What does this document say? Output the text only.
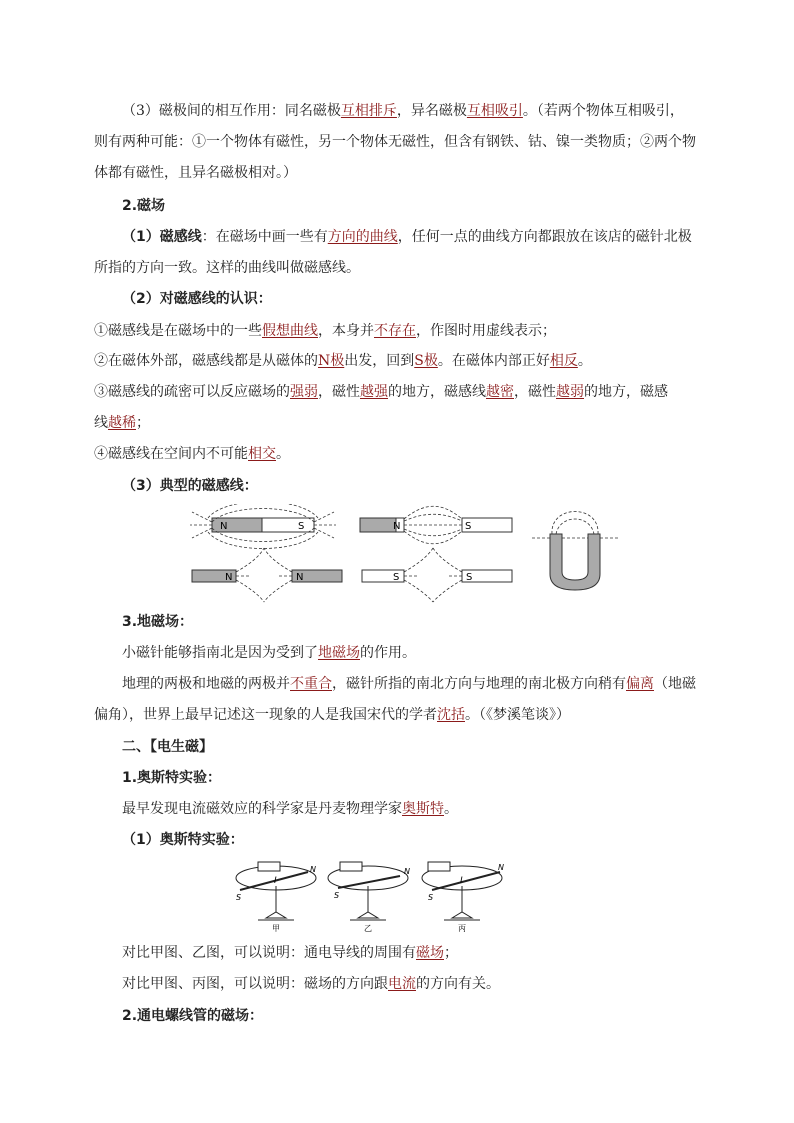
（3）磁极间的相互作用：同名磁极互相排斥，异名磁极互相吸引。（若两个物体互相吸引，
则有两种可能：①一个物体有磁性，另一个物体无磁性，但含有钢铁、钴、镍一类物质；②两个物
体都有磁性，且异名磁极相对。）
2.磁场
（1）磁感线：在磁场中画一些有方向的曲线，任何一点的曲线方向都跟放在该店的磁针北极
所指的方向一致。这样的曲线叫做磁感线。
（2）对磁感线的认识：
①磁感线是在磁场中的一些假想曲线，本身并不存在，作图时用虚线表示；
②在磁体外部，磁感线都是从磁体的N极出发，回到S极。在磁体内部正好相反。
③磁感线的疏密可以反应磁场的强弱，磁性越强的地方，磁感线越密，磁性越弱的地方，磁感
线越稀；
④磁感线在空间内不可能相交。
（3）典型的磁感线：
N	S	N	S
N	N	S	S
3.地磁场：
小磁针能够指南北是因为受到了地磁场的作用。
地理的两极和地磁的两极并不重合，磁针所指的南北方向与地理的南北极方向稍有偏离（地磁
偏角），世界上最早记述这一现象的人是我国宋代的学者沈括。（《梦溪笔谈》）
二、【电生磁】
1.奥斯特实验：
最早发现电流磁效应的科学家是丹麦物理学家奥斯特。
（1）奥斯特实验：
I
N
S
甲
N
S
乙
I
N
S
丙
对比甲图、乙图，可以说明：通电导线的周围有磁场；
对比甲图、丙图，可以说明：磁场的方向跟电流的方向有关。
2.通电螺线管的磁场：
